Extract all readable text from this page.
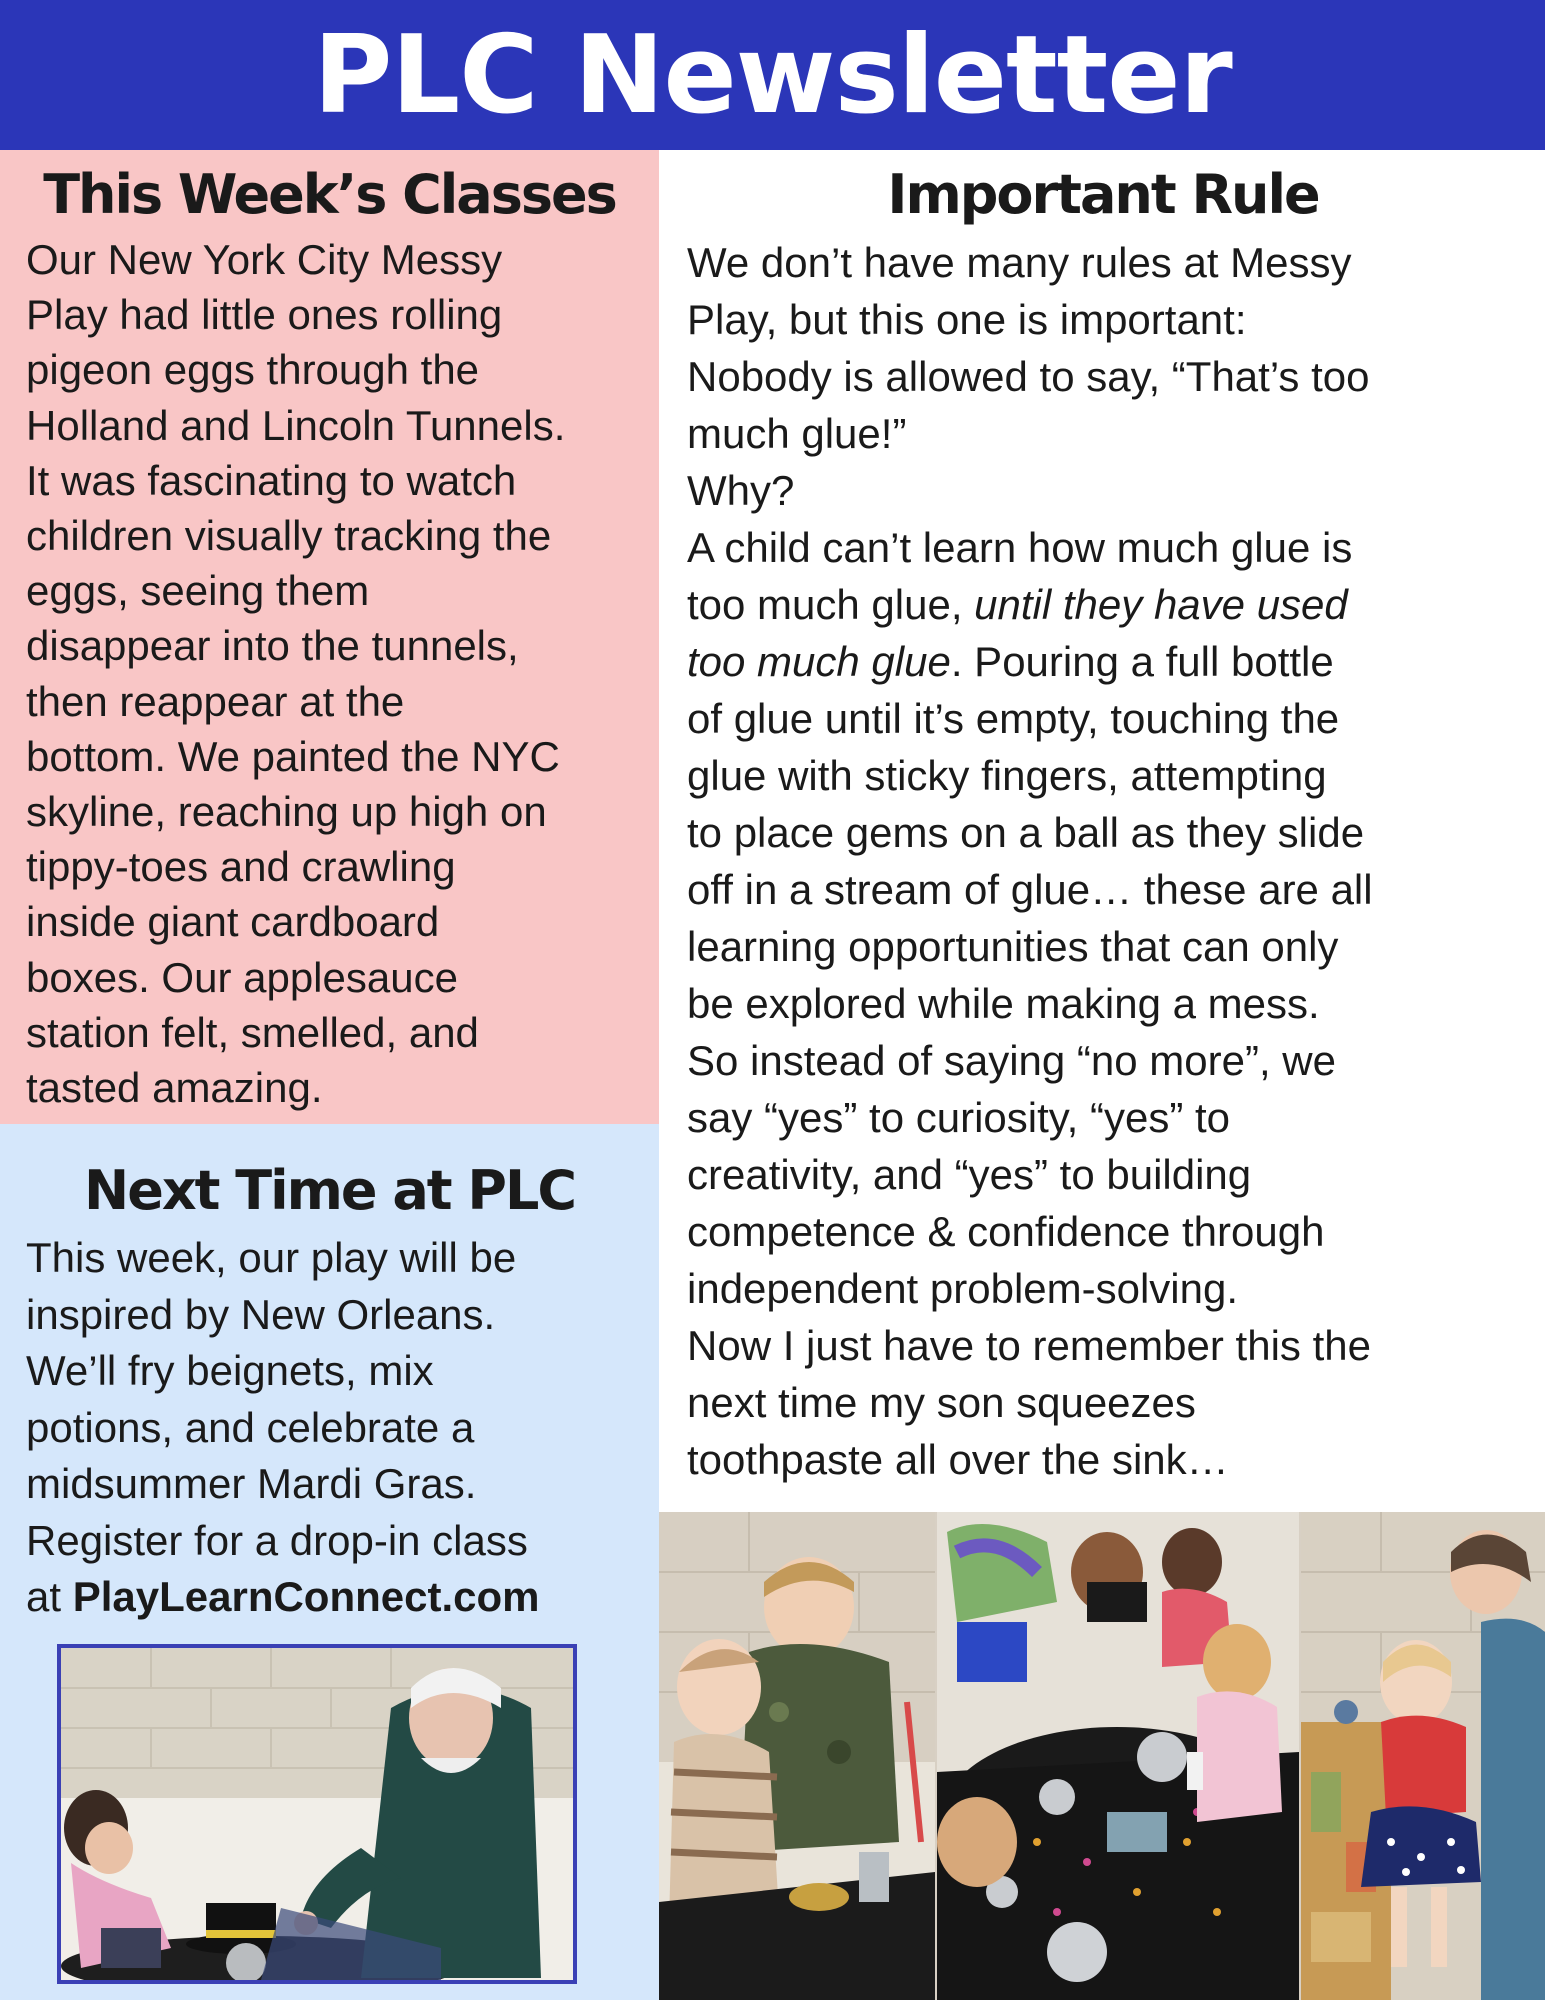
PLC Newsletter
This Week’s Classes

Our New York City Messy
Play had little ones rolling
pigeon eggs through the
Holland and Lincoln Tunnels.
It was fascinating to watch
children visually tracking the
eggs, seeing them
disappear into the tunnels,
then reappear at the
bottom. We painted the NYC
skyline, reaching up high on
tippy-toes and crawling
inside giant cardboard
boxes. Our applesauce
station felt, smelled, and
tasted amazing.

Next Time at PLC

This week, our play will be
inspired by New Orleans.
We’ll fry beignets, mix
potions, and celebrate a
midsummer Mardi Gras.
Register for a drop-in class
at PlayLearnConnect.com

Important Rule

We don’t have many rules at Messy
Play, but this one is important:
Nobody is allowed to say, “That’s too
much glue!”
Why?
A child can’t learn how much glue is
too much glue, until they have used
too much glue. Pouring a full bottle
of glue until it’s empty, touching the
glue with sticky fingers, attempting
to place gems on a ball as they slide
off in a stream of glue… these are all
learning opportunities that can only
be explored while making a mess.
So instead of saying “no more”, we
say “yes” to curiosity, “yes” to
creativity, and “yes” to building
competence & confidence through
independent problem-solving.
Now I just have to remember this the
next time my son squeezes
toothpaste all over the sink…
